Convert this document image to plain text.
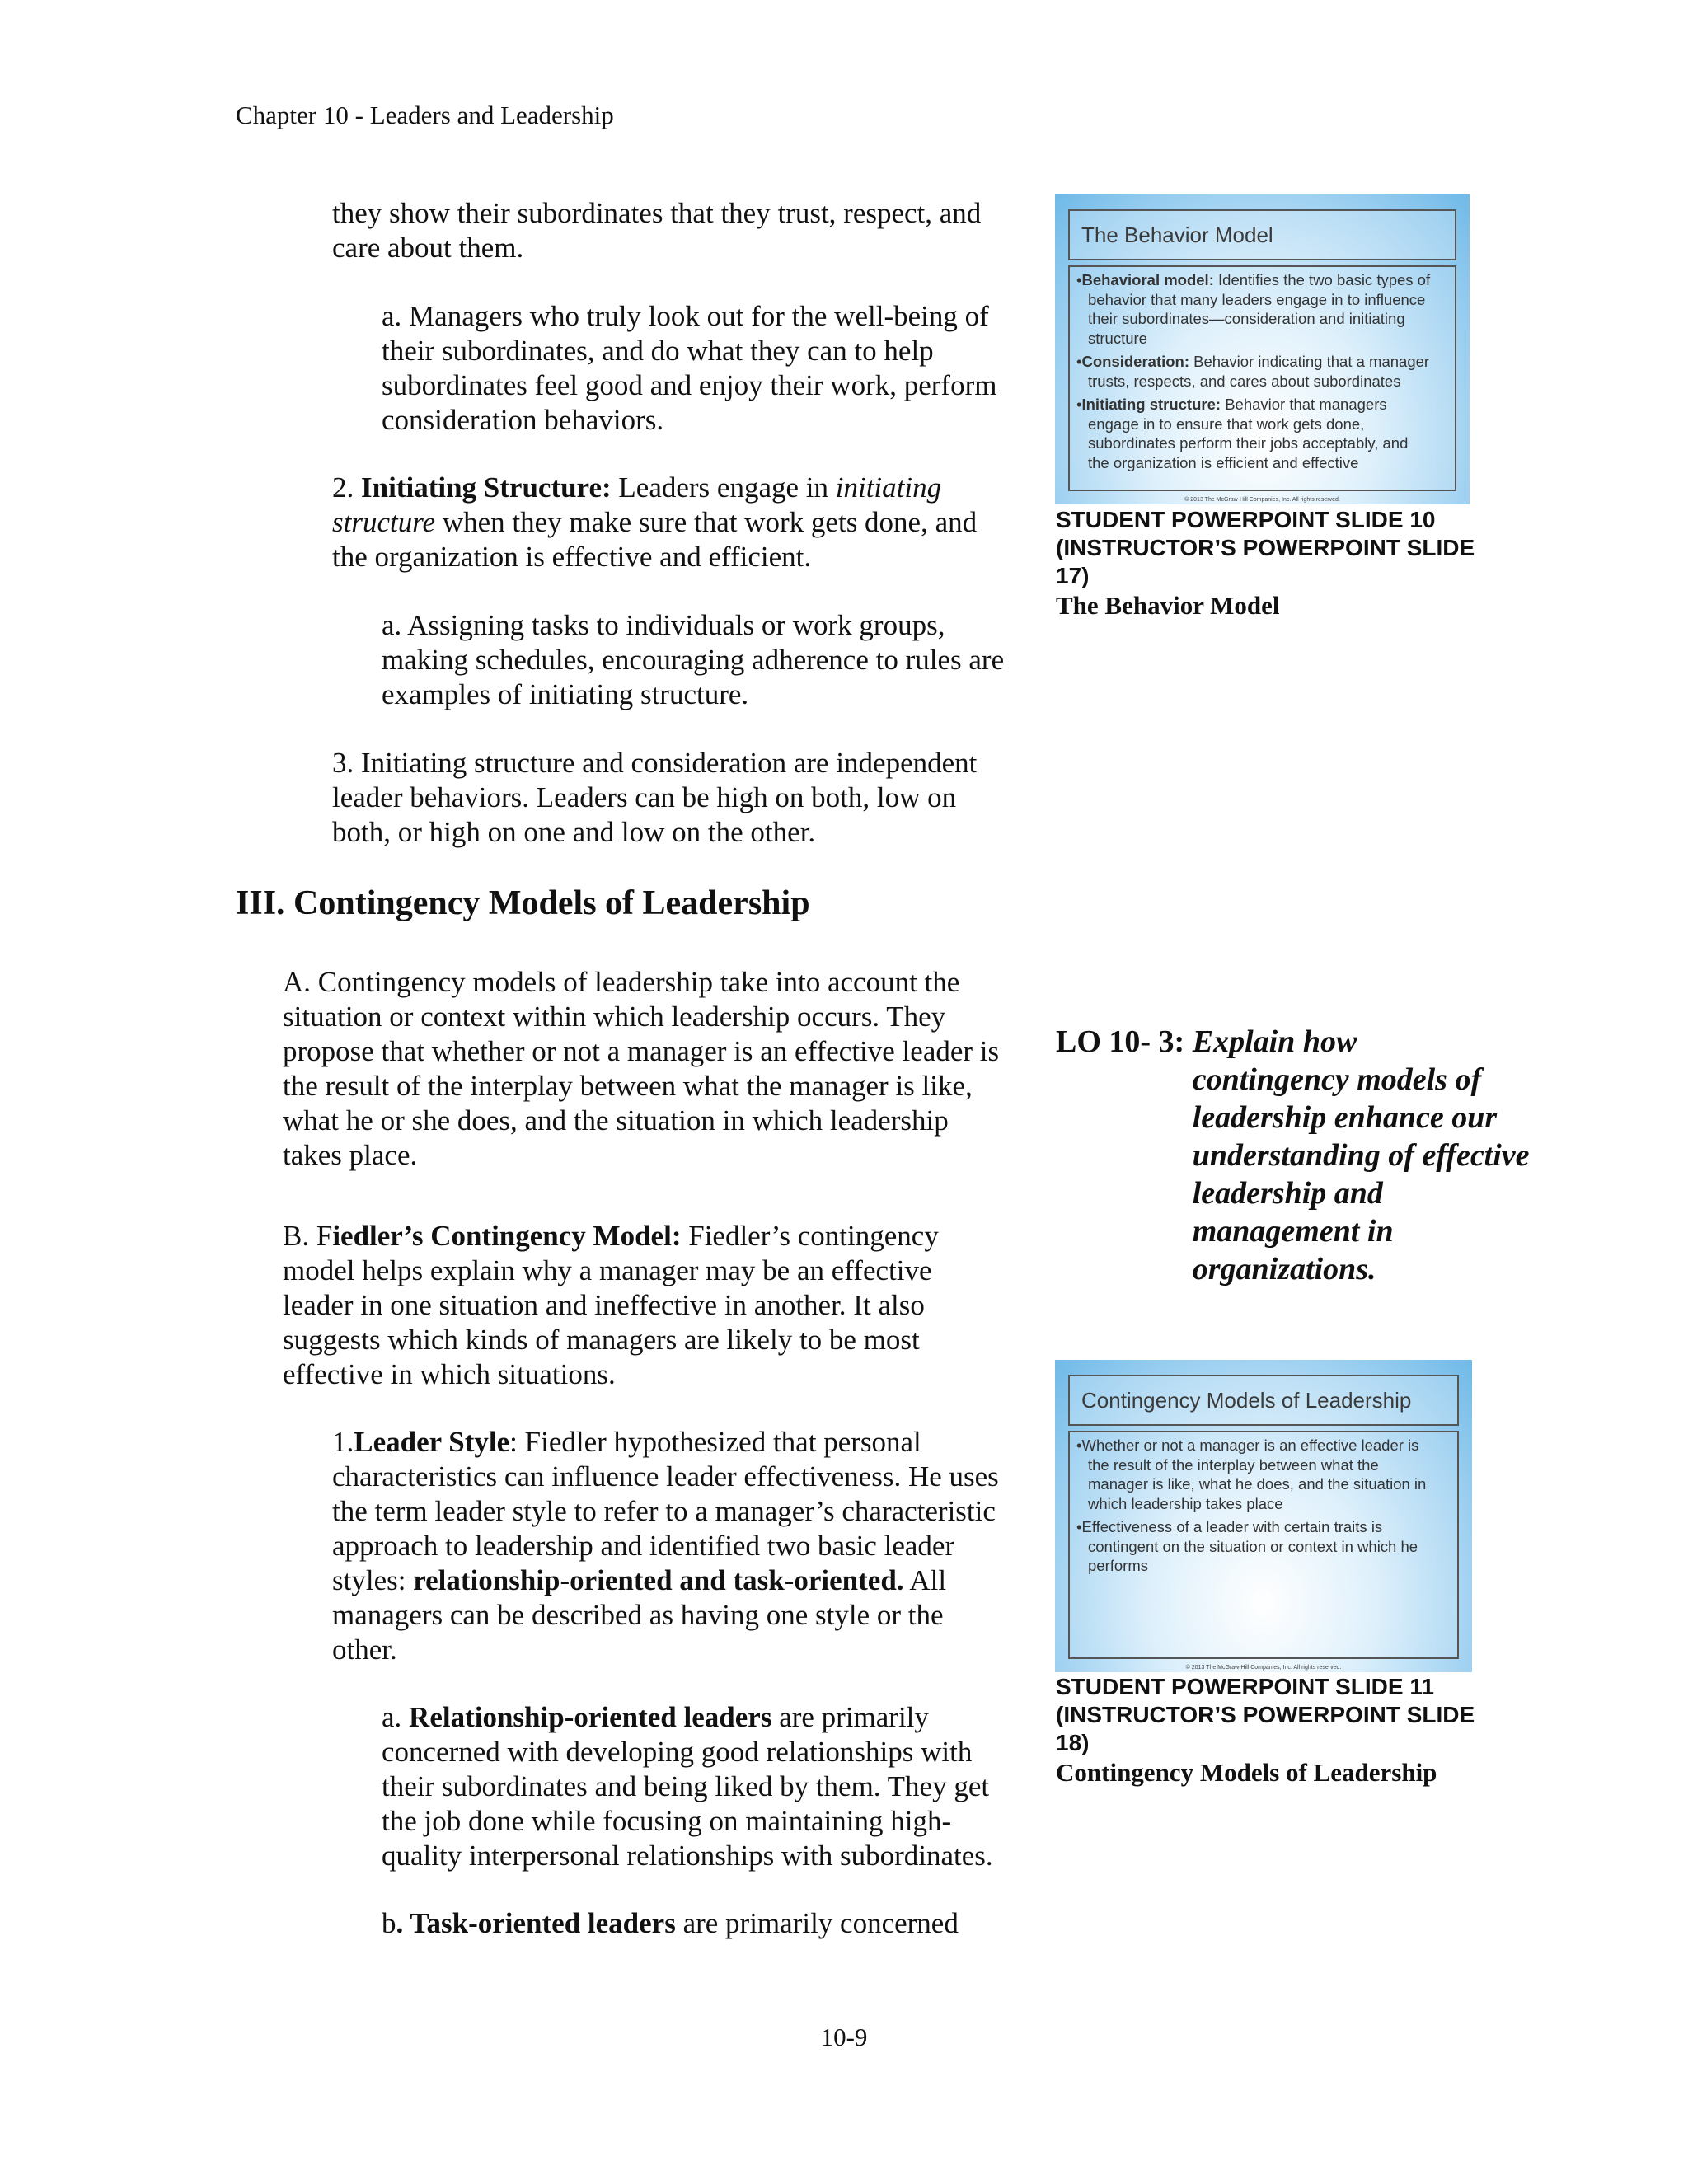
Chapter 10 - Leaders and Leadership
they show their subordinates that they trust, respect, and
care about them.
a. Managers who truly look out for the well-being of
their subordinates, and do what they can to help
subordinates feel good and enjoy their work, perform
consideration behaviors.
2. Initiating Structure: Leaders engage in initiating
structure when they make sure that work gets done, and
the organization is effective and efficient.
a. Assigning tasks to individuals or work groups,
making schedules, encouraging adherence to rules are
examples of initiating structure.
3. Initiating structure and consideration are independent
leader behaviors. Leaders can be high on both, low on
both, or high on one and low on the other.
III. Contingency Models of Leadership
A. Contingency models of leadership take into account the
situation or context within which leadership occurs. They
propose that whether or not a manager is an effective leader is
the result of the interplay between what the manager is like,
what he or she does, and the situation in which leadership
takes place.
B. Fiedler’s Contingency Model: Fiedler’s contingency
model helps explain why a manager may be an effective
leader in one situation and ineffective in another. It also
suggests which kinds of managers are likely to be most
effective in which situations.
1.Leader Style: Fiedler hypothesized that personal
characteristics can influence leader effectiveness. He uses
the term leader style to refer to a manager’s characteristic
approach to leadership and identified two basic leader
styles: relationship-oriented and task-oriented. All
managers can be described as having one style or the
other.
a. Relationship-oriented leaders are primarily
concerned with developing good relationships with
their subordinates and being liked by them. They get
the job done while focusing on maintaining high-
quality interpersonal relationships with subordinates.
b. Task-oriented leaders are primarily concerned
The Behavior Model
•Behavioral model: Identifies the two basic types of
behavior that many leaders engage in to influence
their subordinates—consideration and initiating
structure
•Consideration: Behavior indicating that a manager
trusts, respects, and cares about subordinates
•Initiating structure: Behavior that managers
engage in to ensure that work gets done,
subordinates perform their jobs acceptably, and
the organization is efficient and effective
© 2013 The McGraw-Hill Companies, Inc. All rights reserved.
STUDENT POWERPOINT SLIDE 10
(INSTRUCTOR’S POWERPOINT SLIDE
17)
The Behavior Model
LO 10- 3: Explain how
contingency models of
leadership enhance our
understanding of effective
leadership and
management in
organizations.
Contingency Models of Leadership
•Whether or not a manager is an effective leader is
the result of the interplay between what the
manager is like, what he does, and the situation in
which leadership takes place
•Effectiveness of a leader with certain traits is
contingent on the situation or context in which he
performs
© 2013 The McGraw-Hill Companies, Inc. All rights reserved.
STUDENT POWERPOINT SLIDE 11
(INSTRUCTOR’S POWERPOINT SLIDE
18)
Contingency Models of Leadership
10-9
